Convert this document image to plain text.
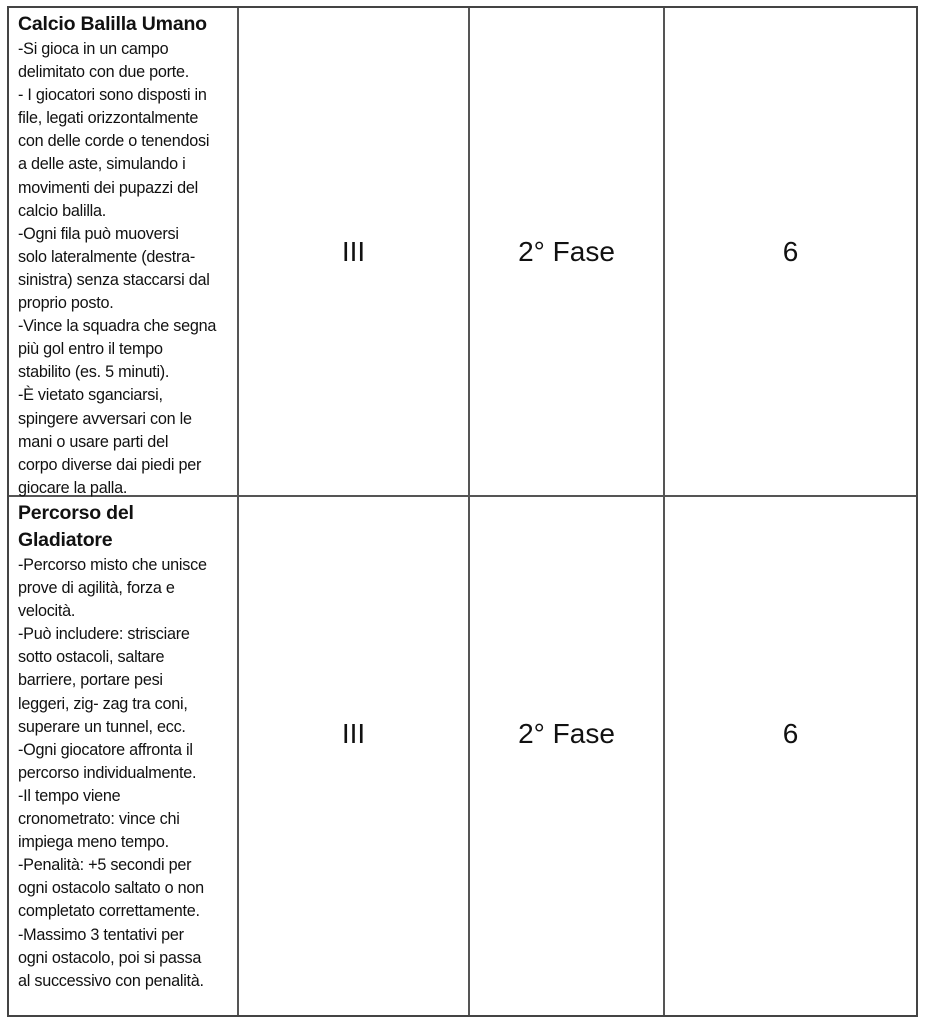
Calcio Balilla Umano
-Si gioca in un campo
delimitato con due porte.
- I giocatori sono disposti in
file, legati orizzontalmente
con delle corde o tenendosi
a delle aste, simulando i
movimenti dei pupazzi del
calcio balilla.
-Ogni fila può muoversi
solo lateralmente (destra-
sinistra) senza staccarsi dal
proprio posto.
-Vince la squadra che segna
più gol entro il tempo
stabilito (es. 5 minuti).
-È vietato sganciarsi,
spingere avversari con le
mani o usare parti del
corpo diverse dai piedi per
giocare la palla.
III	2° Fase	6
Percorso del
Gladiatore
-Percorso misto che unisce
prove di agilità, forza e
velocità.
-Può includere: strisciare
sotto ostacoli, saltare
barriere, portare pesi
leggeri, zig- zag tra coni,
superare un tunnel, ecc.
-Ogni giocatore affronta il
percorso individualmente.
-Il tempo viene
cronometrato: vince chi
impiega meno tempo.
-Penalità: +5 secondi per
ogni ostacolo saltato o non
completato correttamente.
-Massimo 3 tentativi per
ogni ostacolo, poi si passa
al successivo con penalità.
III	2° Fase	6
